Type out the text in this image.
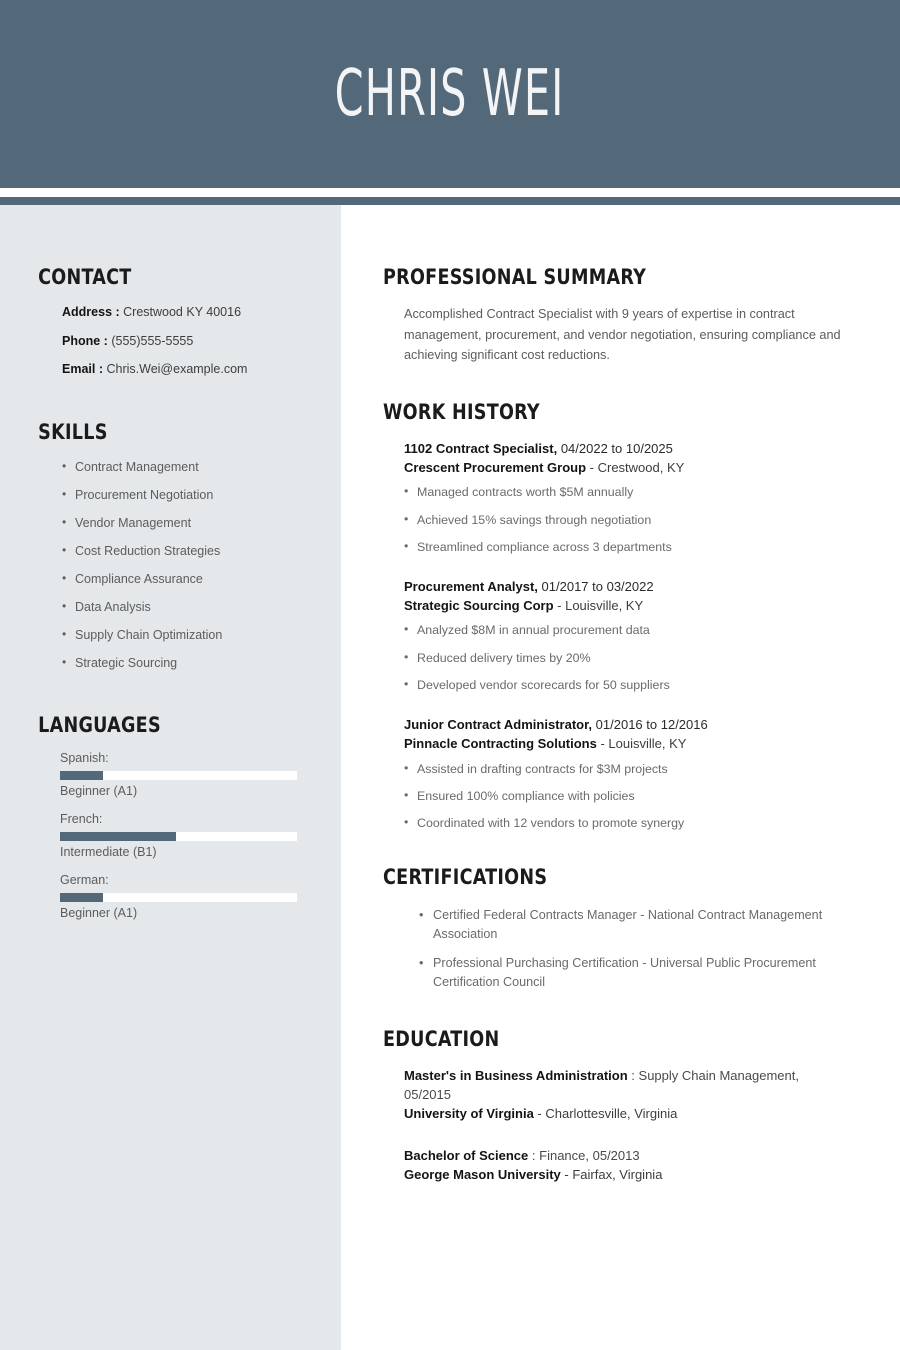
CHRIS WEI
CONTACT
Address : Crestwood KY 40016
Phone : (555)555-5555
Email : Chris.Wei@example.com
SKILLS
• Contract Management
• Procurement Negotiation
• Vendor Management
• Cost Reduction Strategies
• Compliance Assurance
• Data Analysis
• Supply Chain Optimization
• Strategic Sourcing
LANGUAGES
Spanish:
Beginner (A1)
French:
Intermediate (B1)
German:
Beginner (A1)
PROFESSIONAL SUMMARY

Accomplished Contract Specialist with 9 years of expertise in contract management, procurement, and vendor negotiation, ensuring compliance and achieving significant cost reductions.

WORK HISTORY
1102 Contract Specialist, 04/2022 to 10/2025
Crescent Procurement Group - Crestwood, KY
• Managed contracts worth $5M annually
• Achieved 15% savings through negotiation
• Streamlined compliance across 3 departments
Procurement Analyst, 01/2017 to 03/2022
Strategic Sourcing Corp - Louisville, KY
• Analyzed $8M in annual procurement data
• Reduced delivery times by 20%
• Developed vendor scorecards for 50 suppliers
Junior Contract Administrator, 01/2016 to 12/2016
Pinnacle Contracting Solutions - Louisville, KY
• Assisted in drafting contracts for $3M projects
• Ensured 100% compliance with policies
• Coordinated with 12 vendors to promote synergy
CERTIFICATIONS
• Certified Federal Contracts Manager - National Contract Management Association
• Professional Purchasing Certification - Universal Public Procurement Certification Council
EDUCATION
Master's in Business Administration : Supply Chain Management, 05/2015
University of Virginia - Charlottesville, Virginia
Bachelor of Science : Finance, 05/2013
George Mason University - Fairfax, Virginia
